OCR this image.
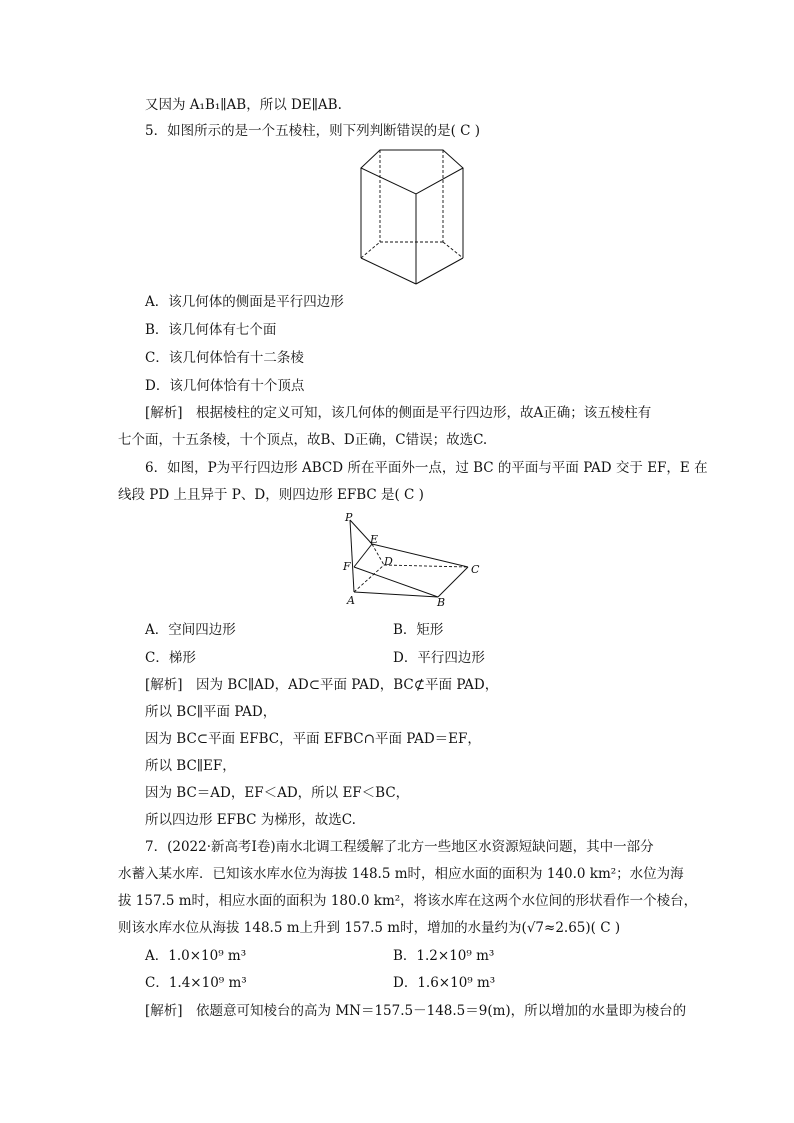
又因为 A₁B₁∥AB，所以 DE∥AB.
5．如图所示的是一个五棱柱，则下列判断错误的是( C )
A．该几何体的侧面是平行四边形
B．该几何体有七个面
C．该几何体恰有十二条棱
D．该几何体恰有十个顶点
[解析]　根据棱柱的定义可知，该几何体的侧面是平行四边形，故A正确；该五棱柱有
七个面，十五条棱，十个顶点，故B、D正确，C错误；故选C.
6．如图，P为平行四边形 ABCD 所在平面外一点，过 BC 的平面与平面 PAD 交于 EF，E 在
线段 PD 上且异于 P、D，则四边形 EFBC 是( C )
P
E
D
C
F
A	B
A．空间四边形	B．矩形
C．梯形	D．平行四边形
[解析]　因为 BC∥AD，AD⊂平面 PAD，BC⊄平面 PAD，
所以 BC∥平面 PAD，
因为 BC⊂平面 EFBC，平面 EFBC∩平面 PAD＝EF，
所以 BC∥EF，
因为 BC＝AD，EF＜AD，所以 EF＜BC，
所以四边形 EFBC 为梯形，故选C.
7．(2022·新高考Ⅰ卷)南水北调工程缓解了北方一些地区水资源短缺问题，其中一部分
水蓄入某水库．已知该水库水位为海拔 148.5 m时，相应水面的面积为 140.0 km²；水位为海
拔 157.5 m时，相应水面的面积为 180.0 km²，将该水库在这两个水位间的形状看作一个棱台，
则该水库水位从海拔 148.5 m上升到 157.5 m时，增加的水量约为(√7≈2.65)( C )
A．1.0×10⁹ m³	B．1.2×10⁹ m³
C．1.4×10⁹ m³	D．1.6×10⁹ m³
[解析]　依题意可知棱台的高为 MN＝157.5－148.5＝9(m)，所以增加的水量即为棱台的
